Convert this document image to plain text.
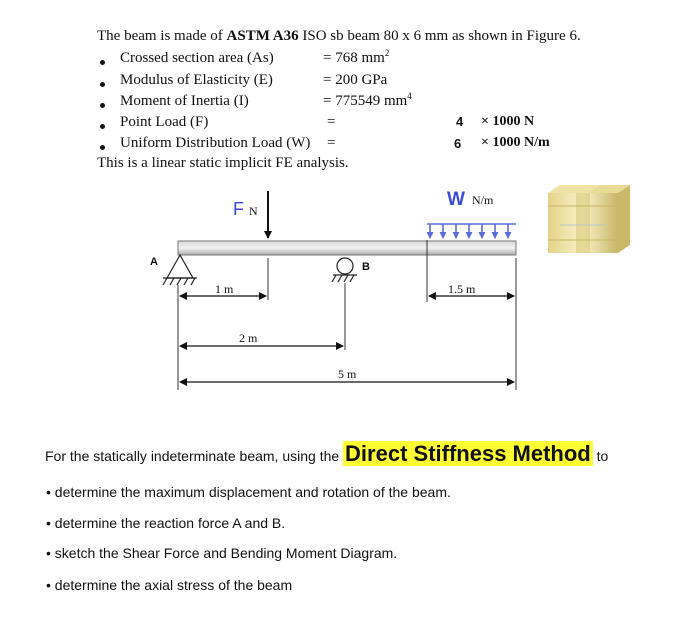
The beam is made of ASTM A36 ISO sb beam 80 x 6 mm as shown in Figure 6.
Crossed section area (As)	= 768 $mm^2$
Modulus of Elasticity (E)	= 200 GPa
Moment of Inertia (I)	= 775549 $mm^4$
Point Load (F)	=	4 × 1000 N
Uniform Distribution Load (W) =	6 × 1000 N/m
This is a linear static implicit FE analysis.
F N
W N/m
A	B
1 m	1.5 m
2 m
5 m
For the statically indeterminate beam, using the Direct Stiffness Method to
• determine the maximum displacement and rotation of the beam.
• determine the reaction force A and B.
• sketch the Shear Force and Bending Moment Diagram.
• determine the axial stress of the beam
